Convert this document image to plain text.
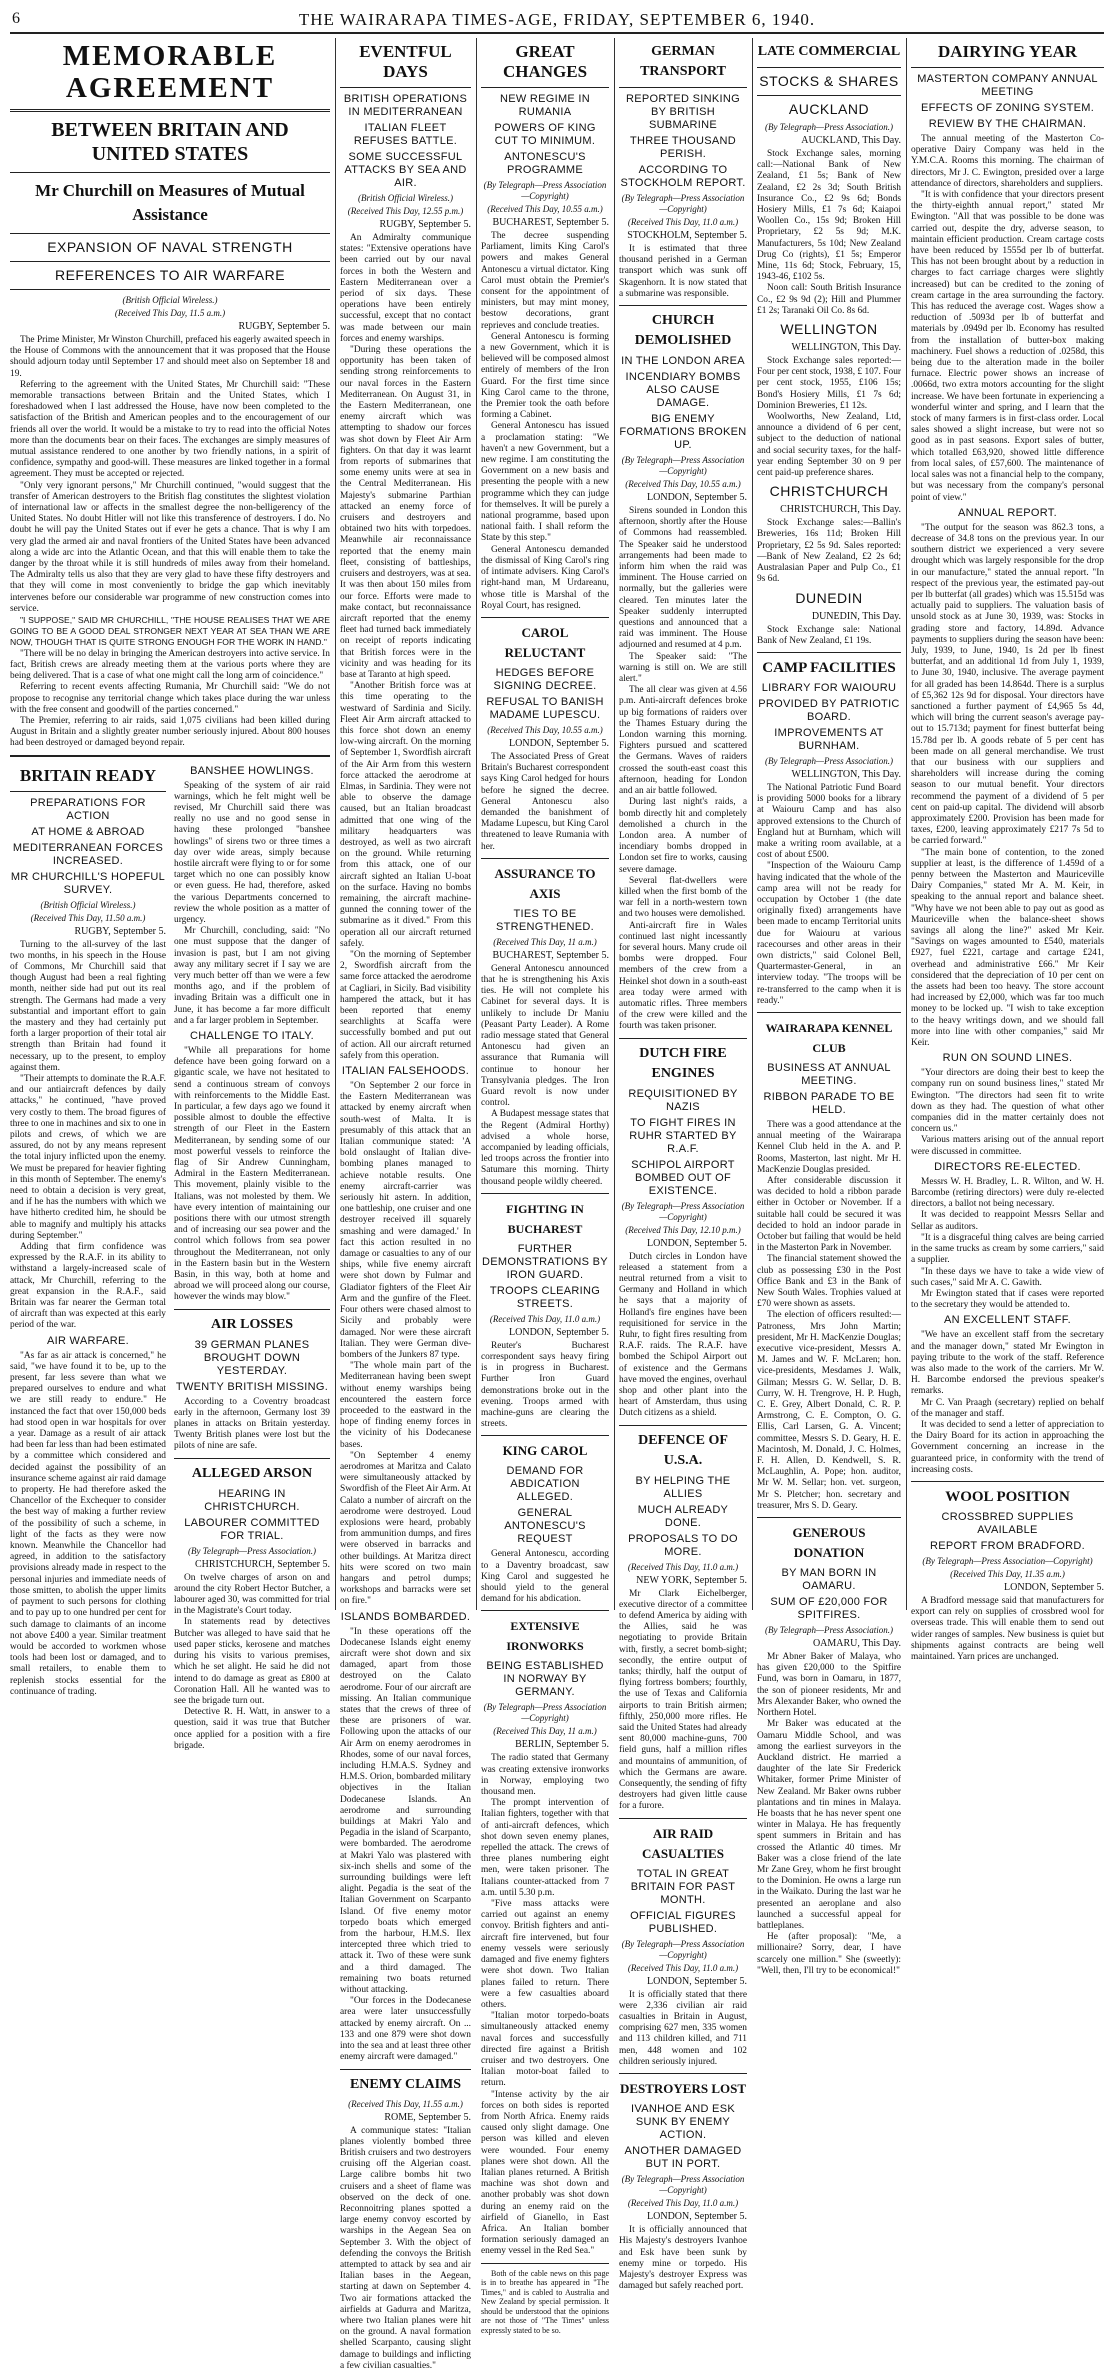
6	THE WAIRARAPA TIMES-AGE, FRIDAY, SEPTEMBER 6, 1940.
MEMORABLE AGREEMENT
BETWEEN BRITAIN AND UNITED STATES
Mr Churchill on Measures of Mutual Assistance
EXPANSION OF NAVAL STRENGTH
REFERENCES TO AIR WARFARE
(British Official Wireless.)
(Received This Day, 11.5 a.m.)
RUGBY, September 5.

The Prime Minister, Mr Winston Churchill, prefaced his eagerly awaited speech in the House of Commons with the announcement that it was proposed that the House should adjourn today until September 17 and should meet also on September 18 and 19.

Referring to the agreement with the United States, Mr Churchill said: "These memorable transactions between Britain and the United States, which I foreshadowed when I last addressed the House, have now been completed to the satisfaction of the British and American peoples and to the encouragement of our friends all over the world. It would be a mistake to try to read into the official Notes more than the documents bear on their faces. The exchanges are simply measures of mutual assistance rendered to one another by two friendly nations, in a spirit of confidence, sympathy and good-will. These measures are linked together in a formal agreement. They must be accepted or rejected.

"Only very ignorant persons," Mr Churchill continued, "would suggest that the transfer of American destroyers to the British flag constitutes the slightest violation of international law or affects in the smallest degree the non-belligerency of the United States. No doubt Hitler will not like this transference of destroyers. I do. No doubt he will pay the United States out if ever he gets a chance. That is why I am very glad the armed air and naval frontiers of the United States have been advanced along a wide arc into the Atlantic Ocean, and that this will enable them to take the danger by the throat while it is still hundreds of miles away from their homeland. The Admiralty tells us also that they are very glad to have these fifty destroyers and that they will come in most conveniently to bridge the gap which inevitably intervenes before our considerable war programme of new construction comes into service.

"I SUPPOSE," SAID MR CHURCHILL, "THE HOUSE REALISES THAT WE ARE GOING TO BE A GOOD DEAL STRONGER NEXT YEAR AT SEA THAN WE ARE NOW, THOUGH THAT IS QUITE STRONG ENOUGH FOR THE WORK IN HAND."

"There will be no delay in bringing the American destroyers into active service. In fact, British crews are already meeting them at the various ports where they are being delivered. That is a case of what one might call the long arm of coincidence."

Referring to recent events affecting Rumania, Mr Churchill said: "We do not propose to recognise any territorial change which takes place during the war unless with the free consent and goodwill of the parties concerned."

The Premier, referring to air raids, said 1,075 civilians had been killed during August in Britain and a slightly greater number seriously injured. About 800 houses had been destroyed or damaged beyond repair.

BRITAIN READY
PREPARATIONS FOR ACTION
AT HOME & ABROAD
MEDITERRANEAN FORCES INCREASED.
MR CHURCHILL'S HOPEFUL SURVEY.
(British Official Wireless.)
(Received This Day, 11.50 a.m.)
RUGBY, September 5.

Turning to the all-survey of the last two months, in his speech in the House of Commons, Mr Churchill said that though August had been a real fighting month, neither side had put out its real strength. The Germans had made a very substantial and important effort to gain the mastery and they had certainly put forth a larger proportion of their total air strength than Britain had found it necessary, up to the present, to employ against them.

"Their attempts to dominate the R.A.F. and our antiaircraft defences by daily attacks," he continued, "have proved very costly to them. The broad figures of three to one in machines and six to one in pilots and crews, of which we are assured, do not by any means represent the total injury inflicted upon the enemy. We must be prepared for heavier fighting in this month of September. The enemy's need to obtain a decision is very great, and if he has the numbers with which we have hitherto credited him, he should be able to magnify and multiply his attacks during September."

Adding that firm confidence was expressed by the R.A.F. in its ability to withstand a largely-increased scale of attack, Mr Churchill, referring to the great expansion in the R.A.F., said Britain was far nearer the German total of aircraft than was expected at this early period of the war.

AIR WARFARE.

"As far as air attack is concerned," he said, "we have found it to be, up to the present, far less severe than what we prepared ourselves to endure and what we are still ready to endure." He instanced the fact that over 150,000 beds had stood open in war hospitals for over a year. Damage as a result of air attack had been far less than had been estimated by a committee which considered and decided against the possibility of an insurance scheme against air raid damage to property. He had therefore asked the Chancellor of the Exchequer to consider the best way of making a further review of the possibility of such a scheme, in light of the facts as they were now known. Meanwhile the Chancellor had agreed, in addition to the satisfactory provisions already made in respect to the personal injuries and immediate needs of those smitten, to abolish the upper limits of payment to such persons for clothing and to pay up to one hundred per cent for such damage to claimants of an income not above £400 a year. Similar treatment would be accorded to workmen whose tools had been lost or damaged, and to small retailers, to enable them to replenish stocks essential for the continuance of trading.

BANSHEE HOWLINGS.

Speaking of the system of air raid warnings, which he felt might well be revised, Mr Churchill said there was really no use and no good sense in having these prolonged "banshee howlings" of sirens two or three times a day over wide areas, simply because hostile aircraft were flying to or for some target which no one can possibly know or even guess. He had, therefore, asked the various Departments concerned to review the whole position as a matter of urgency.

Mr Churchill, concluding, said: "No one must suppose that the danger of invasion is past, but I am not giving away any military secret if I say we are very much better off than we were a few months ago, and if the problem of invading Britain was a difficult one in June, it has become a far more difficult and a far larger problem in September.

CHALLENGE TO ITALY.

"While all preparations for home defence have been going forward on a gigantic scale, we have not hesitated to send a continuous stream of convoys with reinforcements to the Middle East. In particular, a few days ago we found it possible almost to double the effective strength of our Fleet in the Eastern Mediterranean, by sending some of our most powerful vessels to reinforce the flag of Sir Andrew Cunningham, Admiral in the Eastern Mediterranean. This movement, plainly visible to the Italians, was not molested by them. We have every intention of maintaining our positions there with our utmost strength and of increasing our sea power and the control which follows from sea power throughout the Mediterranean, not only in the Eastern basin but in the Western Basin, in this way, both at home and abroad we will proceed along our course, however the winds may blow."

AIR LOSSES
39 GERMAN PLANES BROUGHT DOWN YESTERDAY.
TWENTY BRITISH MISSING.

According to a Coventry broadcast early in the afternoon, Germany lost 39 planes in attacks on Britain yesterday. Twenty British planes were lost but the pilots of nine are safe.

ALLEGED ARSON
HEARING IN CHRISTCHURCH.
LABOURER COMMITTED FOR TRIAL.
(By Telegraph—Press Association.)
CHRISTCHURCH, September 5.

On twelve charges of arson on and around the city Robert Hector Butcher, a labourer aged 30, was committed for trial in the Magistrate's Court today.

In statements read by detectives Butcher was alleged to have said that he used paper sticks, kerosene and matches during his visits to various premises, which he set alight. He said he did not intend to do damage as great as £800 at Coronation Hall. All he wanted was to see the brigade turn out.

Detective R. H. Watt, in answer to a question, said it was true that Butcher once applied for a position with a fire brigade.

EVENTFUL DAYS
BRITISH OPERATIONS IN MEDITERRANEAN
ITALIAN FLEET REFUSES BATTLE.
SOME SUCCESSFUL ATTACKS BY SEA AND AIR.
(British Official Wireless.)
(Received This Day, 12.55 p.m.)
RUGBY, September 5.

An Admiralty communique states: "Extensive operations have been carried out by our naval forces in both the Western and Eastern Mediterranean over a period of six days. These operations have been entirely successful, except that no contact was made between our main forces and enemy warships.

"During these operations the opportunity has been taken of sending strong reinforcements to our naval forces in the Eastern Mediterranean. On August 31, in the Eastern Mediterranean, one enemy aircraft which was attempting to shadow our forces was shot down by Fleet Air Arm fighters. On that day it was learnt from reports of submarines that some enemy units were at sea in the Central Mediterranean. His Majesty's submarine Parthian attacked an enemy force of cruisers and destroyers and obtained two hits with torpedoes. Meanwhile air reconnaissance reported that the enemy main fleet, consisting of battleships, cruisers and destroyers, was at sea. It was then about 150 miles from our force. Efforts were made to make contact, but reconnaissance aircraft reported that the enemy fleet had turned back immediately on receipt of reports indicating that British forces were in the vicinity and was heading for its base at Taranto at high speed.

"Another British force was at this time operating to the westward of Sardinia and Sicily. Fleet Air Arm aircraft attacked to this force shot down an enemy low-wing aircraft. On the morning of September 1, Swordfish aircraft of the Air Arm from this western force attacked the aerodrome at Elmas, in Sardinia. They were not able to observe the damage caused, but an Italian broadcast admitted that one wing of the military headquarters was destroyed, as well as two aircraft on the ground. While returning from this attack, one of our aircraft sighted an Italian U-boat on the surface. Having no bombs remaining, the aircraft machine-gunned the conning tower of the submarine as it dived." From this operation all our aircraft returned safely.

"On the morning of September 2, Swordfish aircraft from the same force attacked the aerodrome at Cagliari, in Sicily. Bad visibility hampered the attack, but it has been reported that enemy searchlights at Scaffa were successfully bombed and put out of action. All our aircraft returned safely from this operation.

ITALIAN FALSEHOODS.

"On September 2 our force in the Eastern Mediterranean was attacked by enemy aircraft when south-west of Malta. It is presumably of this attack that an Italian communique stated: 'A bold onslaught of Italian dive-bombing planes managed to achieve notable results. One enemy aircraft-carrier was seriously hit astern. In addition, one battleship, one cruiser and one destroyer received ill squarely smashing and were damaged.' In fact this action resulted in no damage or casualties to any of our ships, while five enemy aircraft were shot down by Fulmar and Gladiator fighters of the Fleet Air Arm and the gunfire of the Fleet. Four others were chased almost to Sicily and probably were damaged. Nor were these aircraft Italian. They were German dive-bombers of the Junkers 87 type.

"The whole main part of the Mediterranean having been swept without enemy warships being encountered the eastern force proceeded to the eastward in the hope of finding enemy forces in the vicinity of his Dodecanese bases.

"On September 4 enemy aerodromes at Maritza and Calato were simultaneously attacked by Swordfish of the Fleet Air Arm. At Calato a number of aircraft on the aerodrome were destroyed. Loud explosions were heard, probably from ammunition dumps, and fires were observed in barracks and other buildings. At Maritza direct hits were scored on two main hangars and petrol dumps; workshops and barracks were set on fire."

ISLANDS BOMBARDED.

"In these operations off the Dodecanese Islands eight enemy aircraft were shot down and six damaged, apart from those destroyed on the Calato aerodrome. Four of our aircraft are missing. An Italian communique states that the crews of three of these are prisoners of war. Following upon the attacks of our Air Arm on enemy aerodromes in Rhodes, some of our naval forces, including H.M.A.S. Sydney and H.M.S. Orion, bombarded military objectives in the Italian Dodecanese Islands. An aerodrome and surrounding buildings at Makri Yalo and Pegadia in the island of Scarpanto, were bombarded. The aerodrome at Makri Yalo was plastered with six-inch shells and some of the surrounding buildings were left alight. Pegadia is the seat of the Italian Government on Scarpanto Island. Of five enemy motor torpedo boats which emerged from the harbour, H.M.S. Ilex intercepted three which tried to attack it. Two of these were sunk and a third damaged. The remaining two boats returned without attacking.

"Our forces in the Dodecanese area were later unsuccessfully attacked by enemy aircraft. On ... 133 and one 879 were shot down into the sea and at least three other enemy aircraft were damaged."

ENEMY CLAIMS
(Received This Day, 11.55 a.m.)
ROME, September 5.

A communique states: "Italian planes violently bombed three British cruisers and two destroyers cruising off the Algerian coast. Large calibre bombs hit two cruisers and a sheet of flame was observed on the deck of one. Reconnoitring planes spotted a large enemy convoy escorted by warships in the Aegean Sea on September 3. With the object of defending the convoys the British attempted to attack by sea and air Italian bases in the Aegean, starting at dawn on September 4. Two air formations attacked the airfields at Gadurra and Maritza, where two Italian planes were hit on the ground. A naval formation shelled Scarpanto, causing slight damage to buildings and inflicting a few civilian casualties."

GREAT CHANGES
NEW REGIME IN RUMANIA
POWERS OF KING CUT TO MINIMUM.
ANTONESCU'S PROGRAMME
(By Telegraph—Press Association—Copyright)
(Received This Day, 10.55 a.m.)
BUCHAREST, September 5.

The decree suspending Parliament, limits King Carol's powers and makes General Antonescu a virtual dictator. King Carol must obtain the Premier's consent for the appointment of ministers, but may mint money, bestow decorations, grant reprieves and conclude treaties.

General Antonescu is forming a new Government, which it is believed will be composed almost entirely of members of the Iron Guard. For the first time since King Carol came to the throne, the Premier took the oath before forming a Cabinet.

General Antonescu has issued a proclamation stating: "We haven't a new Government, but a new regime. I am constituting the Government on a new basis and presenting the people with a new programme which they can judge for themselves. It will be purely a national programme, based upon national faith. I shall reform the State by this step."

General Antonescu demanded the dismissal of King Carol's ring of intimate advisers. King Carol's right-hand man, M Urdareanu, whose title is Marshal of the Royal Court, has resigned.

CAROL RELUCTANT
HEDGES BEFORE SIGNING DECREE.
REFUSAL TO BANISH MADAME LUPESCU.
(Received This Day, 10.55 a.m.)
LONDON, September 5.

The Associated Press of Great Britain's Bucharest correspondent says King Carol hedged for hours before he signed the decree. General Antonescu also demanded the banishment of Madame Lupescu, but King Carol threatened to leave Rumania with her.

ASSURANCE TO AXIS
TIES TO BE STRENGTHENED.
(Received This Day, 11 a.m.)
BUCHAREST, September 5.

General Antonescu announced that he is strengthening his Axis ties. He will not complete his Cabinet for several days. It is unlikely to include Dr Maniu (Peasant Party Leader). A Rome radio message stated that General Antonescu had given an assurance that Rumania will continue to honour her Transylvania pledges. The Iron Guard revolt is now under control.

A Budapest message states that the Regent (Admiral Horthy) advised a whole horse, accompanied by leading officials, led troops across the frontier into Satumare this morning. Thirty thousand people wildly cheered.

FIGHTING IN BUCHAREST
FURTHER DEMONSTRATIONS BY IRON GUARD.
TROOPS CLEARING STREETS.
(Received This Day, 11.0 a.m.)
LONDON, September 5.

Reuter's Bucharest correspondent says heavy firing is in progress in Bucharest. Further Iron Guard demonstrations broke out in the evening. Troops armed with machine-guns are clearing the streets.

KING CAROL
DEMAND FOR ABDICATION ALLEGED.
GENERAL ANTONESCU'S REQUEST

General Antonescu, according to a Daventry broadcast, saw King Carol and suggested he should yield to the general demand for his abdication.

EXTENSIVE IRONWORKS
BEING ESTABLISHED IN NORWAY BY GERMANY.
(By Telegraph—Press Association—Copyright)
(Received This Day, 11 a.m.)
BERLIN, September 5.

The radio stated that Germany was creating extensive ironworks in Norway, employing two thousand men.

The prompt intervention of Italian fighters, together with that of anti-aircraft defences, which shot down seven enemy planes, repelled the attack. The crews of three planes numbering eight men, were taken prisoner. The Italians counter-attacked from 7 a.m. until 5.30 p.m.

"Five mass attacks were carried out against an enemy convoy. British fighters and anti-aircraft fire intervened, but four enemy vessels were seriously damaged and five enemy fighters were shot down. Two Italian planes failed to return. There were a few casualties aboard others.

"Italian motor torpedo-boats simultaneously attacked enemy naval forces and successfully directed fire against a British cruiser and two destroyers. One Italian motor-boat failed to return.

"Intense activity by the air forces on both sides is reported from North Africa. Enemy raids caused only slight damage. One person was killed and eleven were wounded. Four enemy planes were shot down. All the Italian planes returned. A British machine was shot down and another probably was shot down during an enemy raid on the airfield of Gianello, in East Africa. An Italian bomber formation seriously damaged an enemy vessel in the Red Sea."

Both of the cable news on this page is in to breathe has appeared in "The Times," and is cabled to Australia and New Zealand by special permission. It should be understood that the opinions are not those of "The Times" unless expressly stated to be so.

GERMAN TRANSPORT
REPORTED SINKING BY BRITISH SUBMARINE
THREE THOUSAND PERISH.
ACCORDING TO STOCKHOLM REPORT.
(By Telegraph—Press Association—Copyright)
(Received This Day, 11.0 a.m.)
STOCKHOLM, September 5.

It is estimated that three thousand perished in a German transport which was sunk off Skagenhorn. It is now stated that a submarine was responsible.

CHURCH DEMOLISHED
IN THE LONDON AREA
INCENDIARY BOMBS ALSO CAUSE DAMAGE.
BIG ENEMY FORMATIONS BROKEN UP.
(By Telegraph—Press Association—Copyright)
(Received This Day, 10.55 a.m.)
LONDON, September 5.

Sirens sounded in London this afternoon, shortly after the House of Commons had reassembled. The Speaker said he understood arrangements had been made to inform him when the raid was imminent. The House carried on normally, but the galleries were cleared. Ten minutes later the Speaker suddenly interrupted questions and announced that a raid was imminent. The House adjourned and resumed at 4 p.m.

The Speaker said: "The warning is still on. We are still alert."

The all clear was given at 4.56 p.m. Anti-aircraft defences broke up big formations of raiders over the Thames Estuary during the London warning this morning. Fighters pursued and scattered the Germans. Waves of raiders crossed the south-east coast this afternoon, heading for London and an air battle followed.

During last night's raids, a bomb directly hit and completely demolished a church in the London area. A number of incendiary bombs dropped in London set fire to works, causing severe damage.

Several flat-dwellers were killed when the first bomb of the war fell in a north-western town and two houses were demolished.

Anti-aircraft fire in Wales continued last night incessantly for several hours. Many crude oil bombs were dropped. Four members of the crew from a Heinkel shot down in a south-east area today were armed with automatic rifles. Three members of the crew were killed and the fourth was taken prisoner.

DUTCH FIRE ENGINES
REQUISITIONED BY NAZIS
TO FIGHT FIRES IN RUHR STARTED BY R.A.F.
SCHIPOL AIRPORT BOMBED OUT OF EXISTENCE.
(By Telegraph—Press Association—Copyright)
(Received This Day, 12.10 p.m.)
LONDON, September 5.

Dutch circles in London have released a statement from a neutral returned from a visit to Germany and Holland in which he says that a majority of Holland's fire engines have been requisitioned for service in the Ruhr, to fight fires resulting from R.A.F. raids. The R.A.F. have bombed the Schipol Airport out of existence and the Germans have moved the engines, overhaul shop and other plant into the heart of Amsterdam, thus using Dutch citizens as a shield.

DEFENCE OF U.S.A.
BY HELPING THE ALLIES
MUCH ALREADY DONE.
PROPOSALS TO DO MORE.
(Received This Day, 11.0 a.m.)
NEW YORK, September 5.

Mr Clark Eichelberger, executive director of a committee to defend America by aiding with the Allies, said he was negotiating to provide Britain with, firstly, a secret bomb-sight; secondly, the entire output of tanks; thirdly, half the output of flying fortress bombers; fourthly, the use of Texas and California airports to train British airmen; fifthly, 250,000 more rifles. He said the United States had already sent 80,000 machine-guns, 700 field guns, half a million rifles and mountains of ammunition, of which the Germans are aware. Consequently, the sending of fifty destroyers had given little cause for a furore.

AIR RAID CASUALTIES
TOTAL IN GREAT BRITAIN FOR PAST MONTH.
OFFICIAL FIGURES PUBLISHED.
(By Telegraph—Press Association—Copyright)
(Received This Day, 11.0 a.m.)
LONDON, September 5.

It is officially stated that there were 2,336 civilian air raid casualties in Britain in August, comprising 627 men, 335 women and 113 children killed, and 711 men, 448 women and 102 children seriously injured.

DESTROYERS LOST
IVANHOE AND ESK SUNK BY ENEMY ACTION.
ANOTHER DAMAGED BUT IN PORT.
(By Telegraph—Press Association—Copyright)
(Received This Day, 11.0 a.m.)
LONDON, September 5.

It is officially announced that His Majesty's destroyers Ivanhoe and Esk have been sunk by enemy mine or torpedo. His Majesty's destroyer Express was damaged but safely reached port.

LATE COMMERCIAL
STOCKS & SHARES
AUCKLAND
(By Telegraph—Press Association.)
AUCKLAND, This Day.

Stock Exchange sales, morning call:—National Bank of New Zealand, £1 5s; Bank of New Zealand, £2 2s 3d; South British Insurance Co., £2 9s 6d; Bonds Hosiery Mills, £1 7s 6d; Kaiapoi Woollen Co., 15s 9d; Broken Hill Proprietary, £2 5s 9d; M.K. Manufacturers, 5s 10d; New Zealand Drug Co (rights), £1 5s; Emperor Mine, 11s 6d; Stock, February, 15, 1943-46, £102 5s.

Noon call: South British Insurance Co., £2 9s 9d (2); Hill and Plummer £1 2s; Taranaki Oil Co. 8s 6d.

WELLINGTON
WELLINGTON, This Day.

Stock Exchange sales reported:—Four per cent stock, 1938, £ 107. Four per cent stock, 1955, £106 15s; Bond's Hosiery Mills, £1 7s 6d; Dominion Breweries, £1 12s.

Woolworths, New Zealand, Ltd, announce a dividend of 6 per cent, subject to the deduction of national and social security taxes, for the half-year ending September 30 on 9 per cent paid-up preference shares.

CHRISTCHURCH
CHRISTCHURCH, This Day.

Stock Exchange sales:—Ballin's Breweries, 16s 11d; Broken Hill Proprietary, £2 5s 9d. Sales reported:—Bank of New Zealand, £2 2s 6d; Australasian Paper and Pulp Co., £1 9s 6d.

DUNEDIN
DUNEDIN, This Day.

Stock Exchange sale: National Bank of New Zealand, £1 19s.

CAMP FACILITIES
LIBRARY FOR WAIOURU
PROVIDED BY PATRIOTIC BOARD.
IMPROVEMENTS AT BURNHAM.
(By Telegraph—Press Association.)
WELLINGTON, This Day.

The National Patriotic Fund Board is providing 5000 books for a library at Waiouru Camp and has also approved extensions to the Church of England hut at Burnham, which will make a writing room available, at a cost of about £500.

"Inspection of the Waiouru Camp having indicated that the whole of the camp area will not be ready for occupation by October 1 (the date originally fixed) arrangements have been made to encamp Territorial units due for Waiouru at various racecourses and other areas in their own districts," said Colonel Bell, Quartermaster-General, in an interview today. "The troops will be re-transferred to the camp when it is ready."

WAIRARAPA KENNEL CLUB
BUSINESS AT ANNUAL MEETING.
RIBBON PARADE TO BE HELD.

There was a good attendance at the annual meeting of the Wairarapa Kennel Club held in the A. and P. Rooms, Masterton, last night. Mr H. MacKenzie Douglas presided.

After considerable discussion it was decided to hold a ribbon parade either in October or November. If a suitable hall could be secured it was decided to hold an indoor parade in October but failing that would be held in the Masterton Park in November.

The financial statement showed the club as possessing £30 in the Post Office Bank and £3 in the Bank of New South Wales. Trophies valued at £70 were shown as assets.

The election of officers resulted:—Patroness, Mrs John Martin; president, Mr H. MacKenzie Douglas; executive vice-president, Messrs A. M. James and W. F. McLaren; hon. vice-presidents, Mesdames J. Walk, Gilman; Messrs G. W. Sellar, D. B. Curry, W. H. Trengrove, H. P. Hugh, C. E. Grey, Albert Donald, C. R. P. Armstrong, C. E. Compton, O. G. Ellis, Carl Larsen, G. A. Vincent; committee, Messrs S. D. Geary, H. E. Macintosh, M. Donald, J. C. Holmes, F. H. Allen, D. Kendwell, S. R. McLaughlin, A. Pope; hon. auditor, Mr W. M. Sellar; hon. vet. surgeon, Mr S. Pletcher; hon. secretary and treasurer, Mrs S. D. Geary.

GENEROUS DONATION
BY MAN BORN IN OAMARU.
SUM OF £20,000 FOR SPITFIRES.
(By Telegraph—Press Association.)
OAMARU, This Day.

Mr Abner Baker of Malaya, who has given £20,000 to the Spitfire Fund, was born in Oamaru, in 1877, the son of pioneer residents, Mr and Mrs Alexander Baker, who owned the Northern Hotel.

Mr Baker was educated at the Oamaru Middle School, and was among the earliest surveyors in the Auckland district. He married a daughter of the late Sir Frederick Whitaker, former Prime Minister of New Zealand. Mr Baker owns rubber plantations and tin mines in Malaya. He boasts that he has never spent one winter in Malaya. He has frequently spent summers in Britain and has crossed the Atlantic 40 times. Mr Baker was a close friend of the late Mr Zane Grey, whom he first brought to the Dominion. He owns a large run in the Waikato. During the last war he presented an aeroplane and also launched a successful appeal for battleplanes.

He (after proposal): "Me, a millionaire? Sorry, dear, I have scarcely one million." She (sweetly): "Well, then, I'll try to be economical!"

DAIRYING YEAR
MASTERTON COMPANY ANNUAL MEETING
EFFECTS OF ZONING SYSTEM.
REVIEW BY THE CHAIRMAN.

The annual meeting of the Masterton Co-operative Dairy Company was held in the Y.M.C.A. Rooms this morning. The chairman of directors, Mr J. C. Ewington, presided over a large attendance of directors, shareholders and suppliers.

"It is with confidence that your directors present the thirty-eighth annual report," stated Mr Ewington. "All that was possible to be done was carried out, despite the dry, adverse season, to maintain efficient production. Cream cartage costs have been reduced by 1555d per lb of butterfat. This has not been brought about by a reduction in charges to fact carriage charges were slightly increased) but can be credited to the zoning of cream cartage in the area surrounding the factory. This has reduced the average cost. Wages show a reduction of .5093d per lb of butterfat and materials by .0949d per lb. Economy has resulted from the installation of butter-box making machinery. Fuel shows a reduction of .0258d, this being due to the alteration made in the boiler furnace. Electric power shows an increase of .0066d, two extra motors accounting for the slight increase. We have been fortunate in experiencing a wonderful winter and spring, and I learn that the stock of many farmers is in first-class order. Local sales showed a slight increase, but were not so good as in past seasons. Export sales of butter, which totalled £63,920, showed little difference from local sales, of £57,600. The maintenance of local sales was not a financial help to the company, but was necessary from the company's personal point of view."

ANNUAL REPORT.

"The output for the season was 862.3 tons, a decrease of 34.8 tons on the previous year. In our southern district we experienced a very severe drought which was largely responsible for the drop in our manufacture," stated the annual report. "In respect of the previous year, the estimated pay-out per lb butterfat (all grades) which was 15.515d was actually paid to suppliers. The valuation basis of unsold stock as at June 30, 1939, was: Stocks in grading store and factory, 14.89d. Advance payments to suppliers during the season have been: July, 1939, to June, 1940, 1s 2d per lb finest butterfat, and an additional 1d from July 1, 1939, to June 30, 1940, inclusive. The average payment for all graded has been 14.864d. There is a surplus of £5,362 12s 9d for disposal. Your directors have sanctioned a further payment of £4,965 5s 4d, which will bring the current season's average pay-out to 15.713d; payment for finest butterfat being 15.78d per lb. A goods rebate of 5 per cent has been made on all general merchandise. We trust that our business with our suppliers and shareholders will increase during the coming season to our mutual benefit. Your directors recommend the payment of a dividend of 5 per cent on paid-up capital. The dividend will absorb approximately £200. Provision has been made for taxes, £200, leaving approximately £217 7s 5d to be carried forward."

"The main bone of contention, to the zoned supplier at least, is the difference of 1.459d of a penny between the Masterton and Mauriceville Dairy Companies," stated Mr A. M. Keir, in speaking to the annual report and balance sheet. "Why have we not been able to pay out as good as Mauriceville when the balance-sheet shows savings all along the line?" asked Mr Keir. "Savings on wages amounted to £540, materials £927, fuel £221, cartage and cartage £241, overhead and administrative £66." Mr Keir considered that the depreciation of 10 per cent on the assets had been too heavy. The store account had increased by £2,000, which was far too much money to be locked up. "I wish to take exception to the heavy writings down, and we should fall more into line with other companies," said Mr Keir.

RUN ON SOUND LINES.

"Your directors are doing their best to keep the company run on sound business lines," stated Mr Ewington. "The directors had seen fit to write down as they had. The question of what other companies did in the matter certainly does not concern us."

Various matters arising out of the annual report were discussed in committee.

DIRECTORS RE-ELECTED.

Messrs W. H. Bradley, L. R. Wilton, and W. H. Barcombe (retiring directors) were duly re-elected directors, a ballot not being necessary.

It was decided to reappoint Messrs Sellar and Sellar as auditors.

"It is a disgraceful thing calves are being carried in the same trucks as cream by some carriers," said a supplier.

"In these days we have to take a wide view of such cases," said Mr A. C. Gawith.

Mr Ewington stated that if cases were reported to the secretary they would be attended to.

AN EXCELLENT STAFF.

"We have an excellent staff from the secretary and the manager down," stated Mr Ewington in paying tribute to the work of the staff. Reference was also made to the work of the carriers. Mr W. H. Barcombe endorsed the previous speaker's remarks.

Mr C. Van Praagh (secretary) replied on behalf of the manager and staff.

It was decided to send a letter of appreciation to the Dairy Board for its action in approaching the Government concerning an increase in the guaranteed price, in conformity with the trend of increasing costs.

WOOL POSITION
CROSSBRED SUPPLIES AVAILABLE
REPORT FROM BRADFORD.
(By Telegraph—Press Association—Copyright)
(Received This Day, 11.35 a.m.)
LONDON, September 5.

A Bradford message said that manufacturers for export can rely on supplies of crossbred wool for overseas trade. This will enable them to send out wider ranges of samples. New business is quiet but shipments against contracts are being well maintained. Yarn prices are unchanged.
